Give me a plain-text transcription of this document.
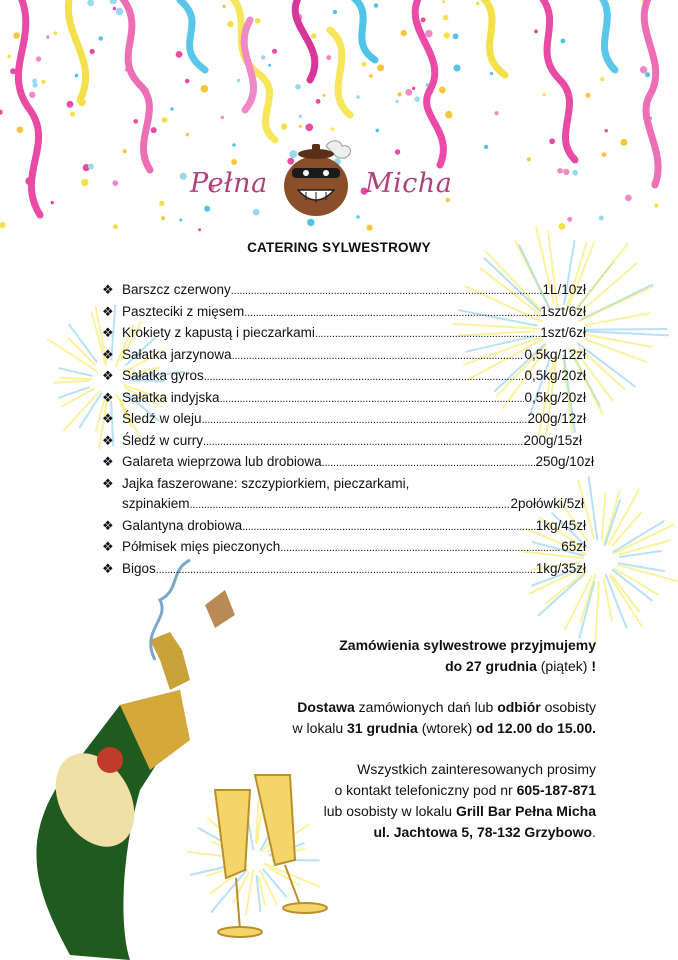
Pełna	Micha
CATERING SYLWESTROWY
❖ Barszcz czerwony .....	1L/10zł
❖ Paszteciki z mięsem .....	1szt/6zł
❖ Krokiety z kapustą i pieczarkami .....	1szt/6zł
❖ Sałatka jarzynowa .....	0,5kg/12zł
❖ Sałatka gyros .....	0,5kg/20zł
❖ Sałatka indyjska .....	0,5kg/20zł
❖ Śledź w oleju .....	200g/12zł
❖ Śledź w curry .....	200g/15zł
❖ Galareta wieprzowa lub drobiowa .....	250g/10zł
❖ Jajka faszerowane: szczypiorkiem, pieczarkami,
szpinakiem .....	2połówki/5zł
❖ Galantyna drobiowa .....	1kg/45zł
❖ Półmisek mięs pieczonych .....	65zł
❖ Bigos .....	1kg/35zł

Zamówienia sylwestrowe przyjmujemy
do 27 grudnia (piątek) !

Dostawa zamówionych dań lub odbiór osobisty
w lokalu 31 grudnia (wtorek) od 12.00 do 15.00.

Wszystkich zainteresowanych prosimy
o kontakt telefoniczny pod nr 605-187-871
lub osobisty w lokalu Grill Bar Pełna Micha
ul. Jachtowa 5, 78-132 Grzybowo.
